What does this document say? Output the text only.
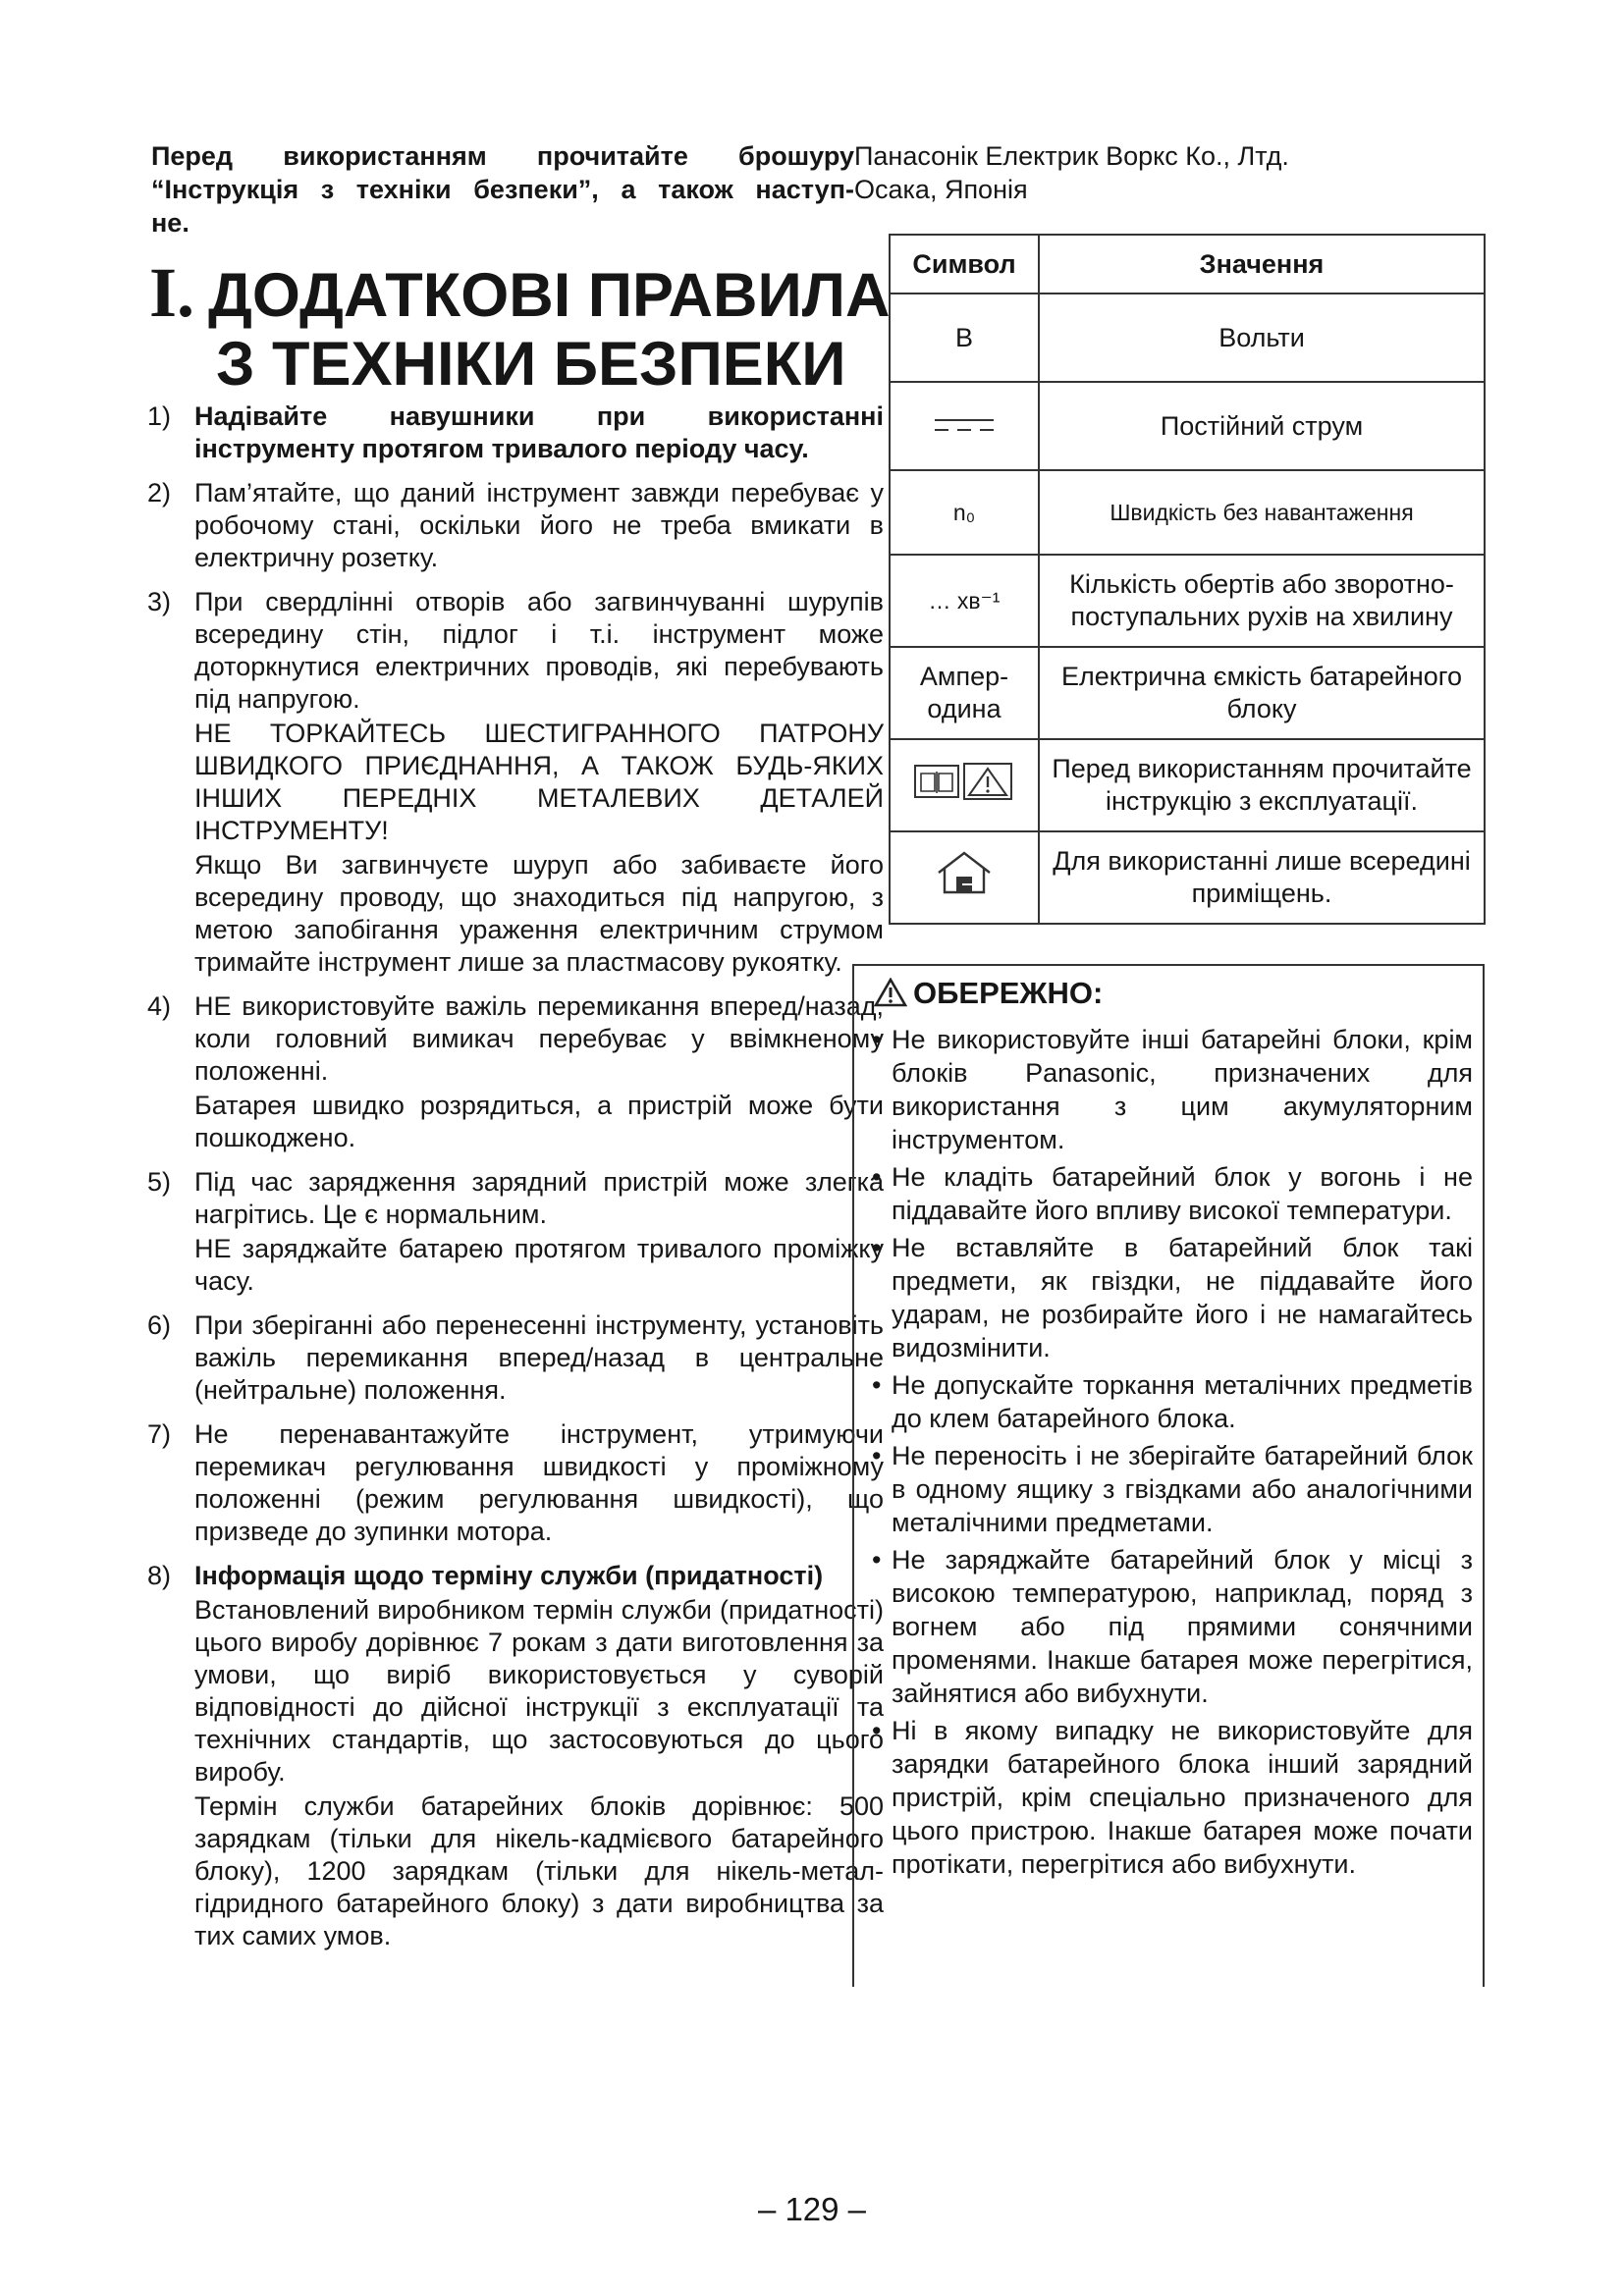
Перед використанням прочитайте брошуру
“Інструкція з техніки безпеки”, а також наступ-
не.
Панасонік Електрик Воркс Ко., Лтд.
Осака, Японія
I. ДОДАТКОВІ ПРАВИЛА
З ТЕХНІКИ БЕЗПЕКИ
1) Надівайте навушники при використанні інструменту протягом тривалого періоду часу.
2) Пам’ятайте, що даний інструмент завжди перебуває у робочому стані, оскільки його не треба вмикати в електричну розетку.
3) При свердлінні отворів або загвинчуванні шурупів всередину стін, підлог і т.і. інструмент може доторкнутися електричних проводів, які перебувають під напругою.
НЕ ТОРКАЙТЕСЬ ШЕСТИГРАННОГО ПАТРОНУ ШВИДКОГО ПРИЄДНАННЯ, А ТАКОЖ БУДЬ-ЯКИХ ІНШИХ ПЕРЕДНІХ МЕТАЛЕВИХ ДЕТАЛЕЙ ІНСТРУМЕНТУ!
Якщо Ви загвинчуєте шуруп або забиваєте його всередину проводу, що знаходиться під напругою, з метою запобігання ураження електричним струмом тримайте інструмент лише за пластмасову рукоятку.
4) НЕ використовуйте важіль перемикання вперед/назад, коли головний вимикач перебуває у ввімкненому положенні.
Батарея швидко розрядиться, а пристрій може бути пошкоджено.
5) Під час зарядження зарядний пристрій може злегка нагрітись. Це є нормальним.
НЕ заряджайте батарею протягом тривалого проміжку часу.
6) При зберіганні або перенесенні інструменту, установіть важіль перемикання вперед/назад в центральне (нейтральне) положення.
7) Не перенавантажуйте інструмент, утримуючи перемикач регулювання швидкості у проміжному положенні (режим регулювання швидкості), що призведе до зупинки мотора.
8) Інформація щодо терміну служби (придатності)
Встановлений виробником термін служби (придатності) цього виробу дорівнює 7 рокам з дати виготовлення за умови, що виріб використовується у суворій відповідності до дійсної інструкції з експлуатації та технічних стандартів, що застосовуються до цього виробу.
Термін служби батарейних блоків дорівнює: 500 зарядкам (тільки для нікель-кадмієвого батарейного блоку), 1200 зарядкам (тільки для нікель-метал-гідридного батарейного блоку) з дати виробництва за тих самих умов.
Символ	Значення
В	Вольти
	Постійний струм
n₀	Швидкість без навантаження
… хв⁻¹	Кількість обертів або зворотно-поступальних рухів на хвилину
Ампер-одина	Електрична ємкість батарейного блоку
	Перед використанням прочитайте інструкцію з експлуатації.
	Для використанні лише всередині приміщень.
ОБЕРЕЖНО:
• Не використовуйте інші батарейні блоки, крім блоків Panasonic, призначених для використання з цим акумуляторним інструментом.
• Не кладіть батарейний блок у вогонь і не піддавайте його впливу високої температури.
• Не вставляйте в батарейний блок такі предмети, як гвіздки, не піддавайте його ударам, не розбирайте його і не намагайтесь видозмінити.
• Не допускайте торкання металічних предметів до клем батарейного блока.
• Не переносіть і не зберігайте батарейний блок в одному ящику з гвіздками або аналогічними металічними предметами.
• Не заряджайте батарейний блок у місці з високою температурою, наприклад, поряд з вогнем або під прямими сонячними променями. Інакше батарея може перегрітися, зайнятися або вибухнути.
• Ні в якому випадку не використовуйте для зарядки батарейного блока інший зарядний пристрій, крім спеціально призначеного для цього пристрою. Інакше батарея може почати протікати, перегрітися або вибухнути.
– 129 –
